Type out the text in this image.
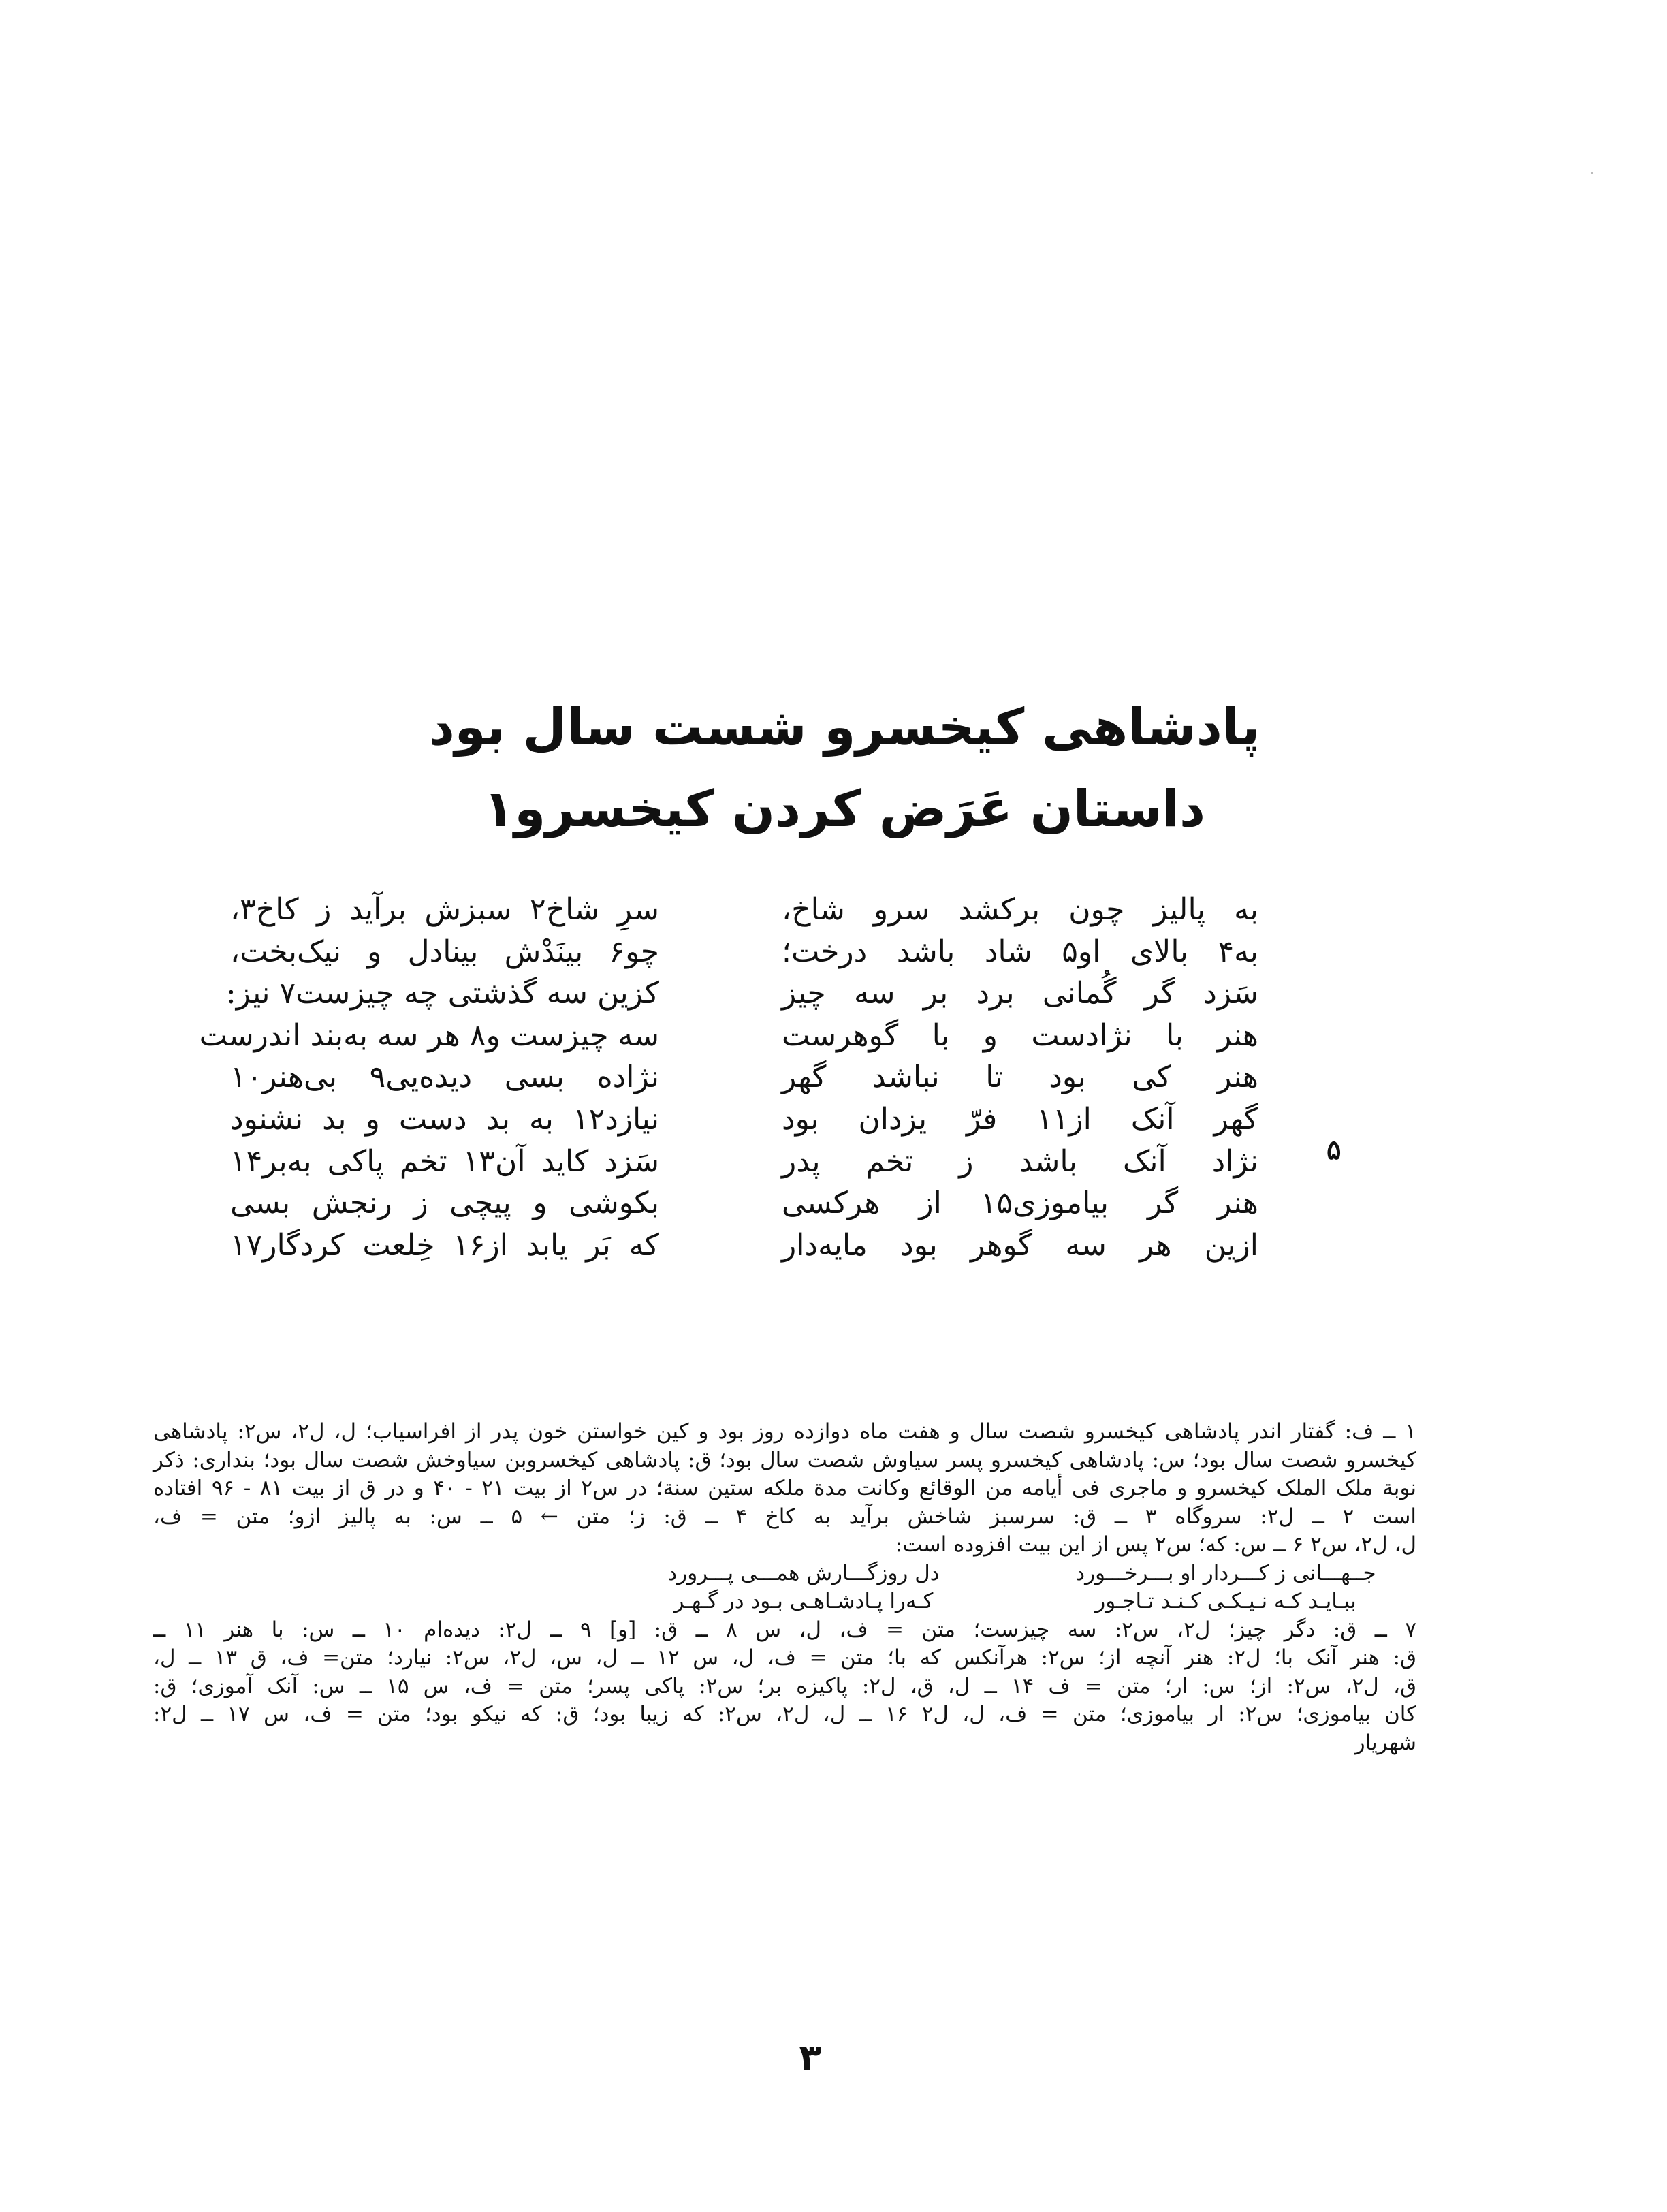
پادشاهی کیخسرو شست سال بود
داستان عَرَض کردن کیخسرو۱
به پالیز چون برکشد سرو شاخ،
به۴ بالای او۵ شاد باشد درخت؛
سَزد گر گُمانی برد بر سه چیز
هنر با نژادست و با گوهرست
هنر کی بود تا نباشد گهر
گهر آنک از۱۱ فرّ یزدان بود
نژاد آنک باشد ز تخم پدر
هنر گر بیاموزی۱۵ از هرکسی
ازین هر سه گوهر بود مایه‌دار
سرِ شاخ۲ سبزش برآید ز کاخ۳،
چو۶ بینَدْش بینادل و نیک‌بخت،
کزین سه گذشتی چه چیزست۷ نیز:
سه چیزست و۸ هر سه به‌بند اندرست
نژاده بسی دیده‌یی۹ بی‌هنر۱۰
نیازد۱۲ به بد دست و بد نشنود
سَزد کاید آن۱۳ تخم پاکی به‌بر۱۴
بکوشی و پیچی ز رنجش بسی
که بَر یابد از۱۶ خِلعت کردگار۱۷
۵
۱ ــ ف: گفتار اندر پادشاهی کیخسرو شصت سال و هفت ماه دوازده روز بود و کین خواستن خون پدر از افراسیاب؛ ل، ل۲، س۲: پادشاهی
کیخسرو شصت سال بود؛ س: پادشاهی کیخسرو پسر سیاوش شصت سال بود؛ ق: پادشاهی کیخسروبن سیاوخش شصت سال بود؛ بنداری: ذکر
نوبة ملک الملک کیخسرو و ماجری فی أیامه من الوقائع وکانت مدة ملکه ستین سنة؛ در س۲ از بیت ۲۱ - ۴۰ و در ق از بیت ۸۱ - ۹۶ افتاده
است ۲ ــ ل۲: سروگاه ۳ ــ ق: سرسبز شاخش برآید به کاخ ۴ ــ ق: ز؛ متن ← ۵ ــ س: به پالیز ازو؛ متن = ف،
ل، ل۲، س۲ ۶ ــ س: که؛ س۲ پس از این بیت افزوده است:
جــهـــانی ز کـــردار او بـــرخـــورددل روزگـــارش همـــی پـــرورد
ببـایـد کـه نـیـکـی کـنـد تـاجـورکـه‌را پـادشـاهـی بـود در گـهـر
۷ ــ ق: دگر چیز؛ ل۲، س۲: سه چیزست؛ متن = ف، ل، س ۸ ــ ق: [و] ۹ ــ ل۲: دیده‌ام ۱۰ ــ س: با هنر ۱۱ ــ
ق: هنر آنک با؛ ل۲: هنر آنچه از؛ س۲: هرآنکس که با؛ متن = ف، ل، س ۱۲ ــ ل، س، ل۲، س۲: نیارد؛ متن= ف، ق ۱۳ ــ ل،
ق، ل۲، س۲: از؛ س: ار؛ متن = ف ۱۴ ــ ل، ق، ل۲: پاکیزه بر؛ س۲: پاکی پسر؛ متن = ف، س ۱۵ ــ س: آنک آموزی؛ ق:
کان بیاموزی؛ س۲: ار بیاموزی؛ متن = ف، ل، ل۲ ۱۶ ــ ل، ل۲، س۲: که زیبا بود؛ ق: که نیکو بود؛ متن = ف، س ۱۷ ــ ل۲:
شهریار
۳
